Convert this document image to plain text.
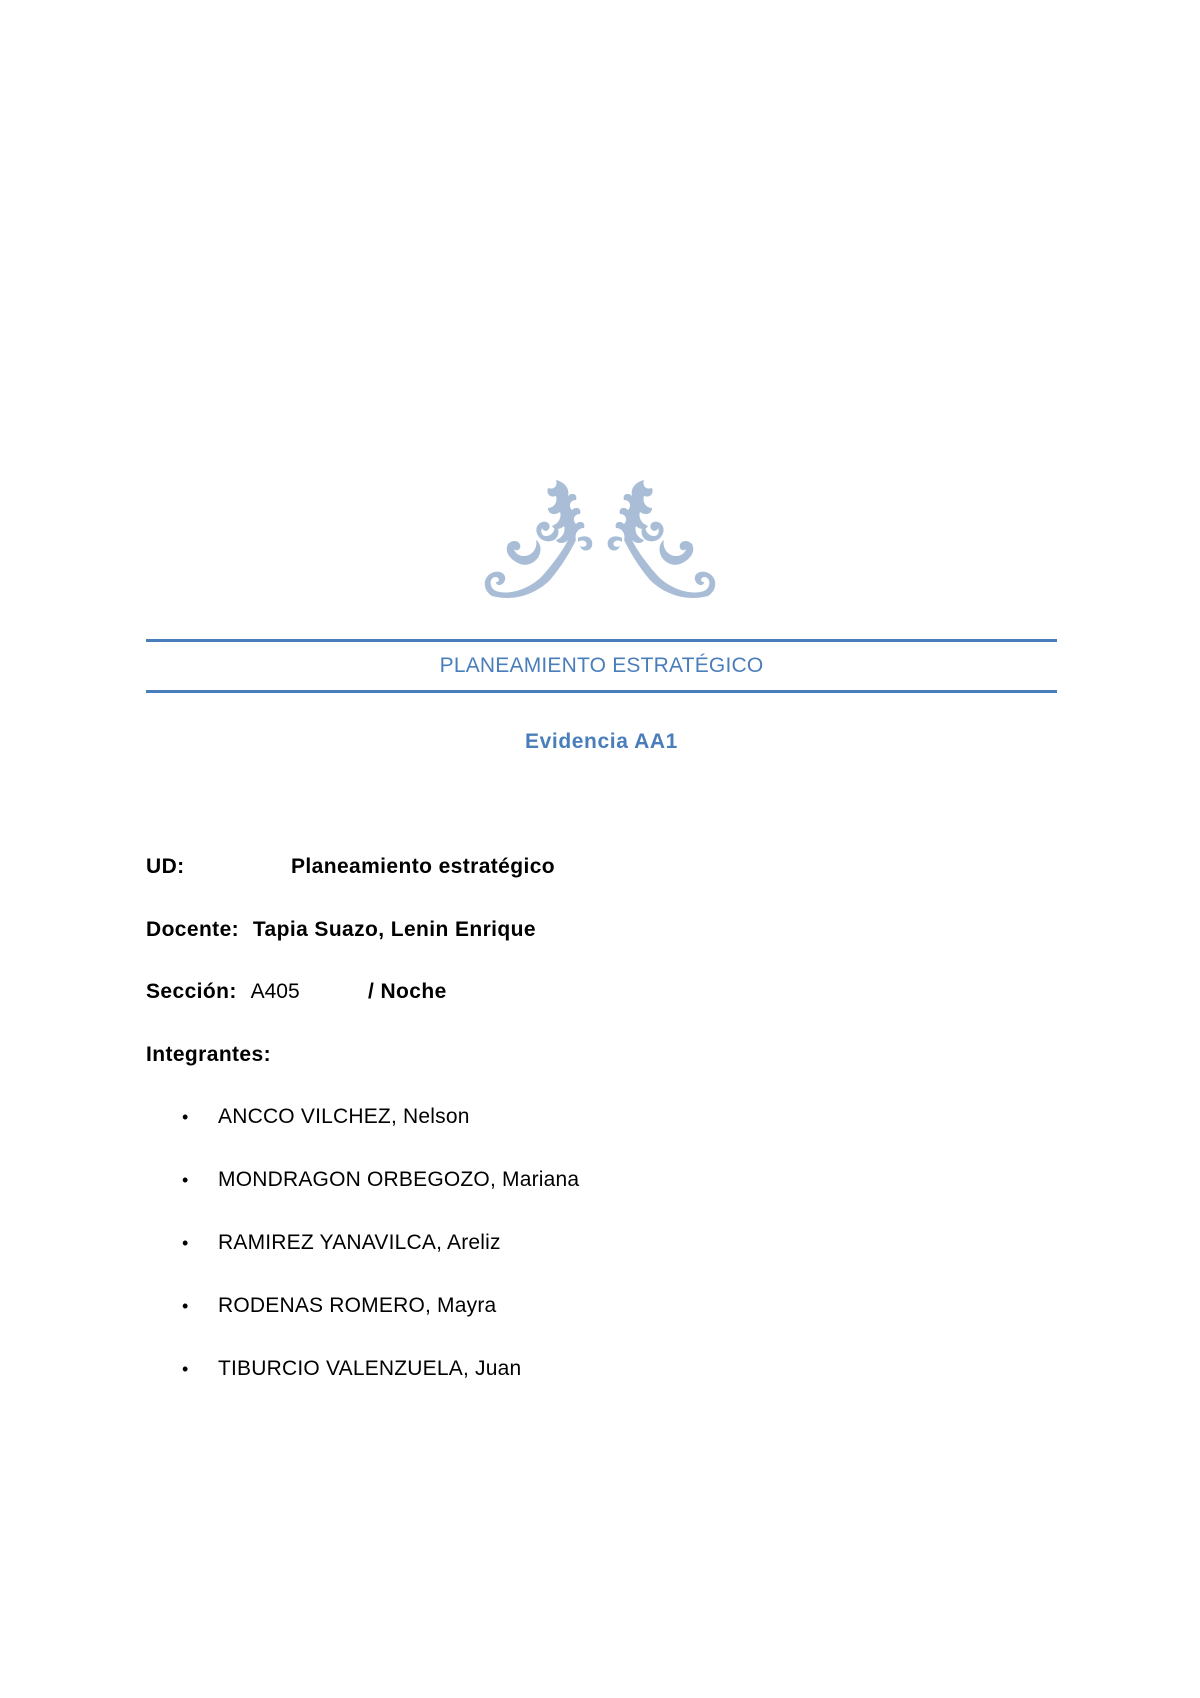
PLANEAMIENTO ESTRATÉGICO
Evidencia AA1
UD:	Planeamiento estratégico
Docente: Tapia Suazo, Lenin Enrique
Sección: A405	/ Noche
Integrantes:
• ANCCO VILCHEZ, Nelson
• MONDRAGON ORBEGOZO, Mariana
• RAMIREZ YANAVILCA, Areliz
• RODENAS ROMERO, Mayra
• TIBURCIO VALENZUELA, Juan
